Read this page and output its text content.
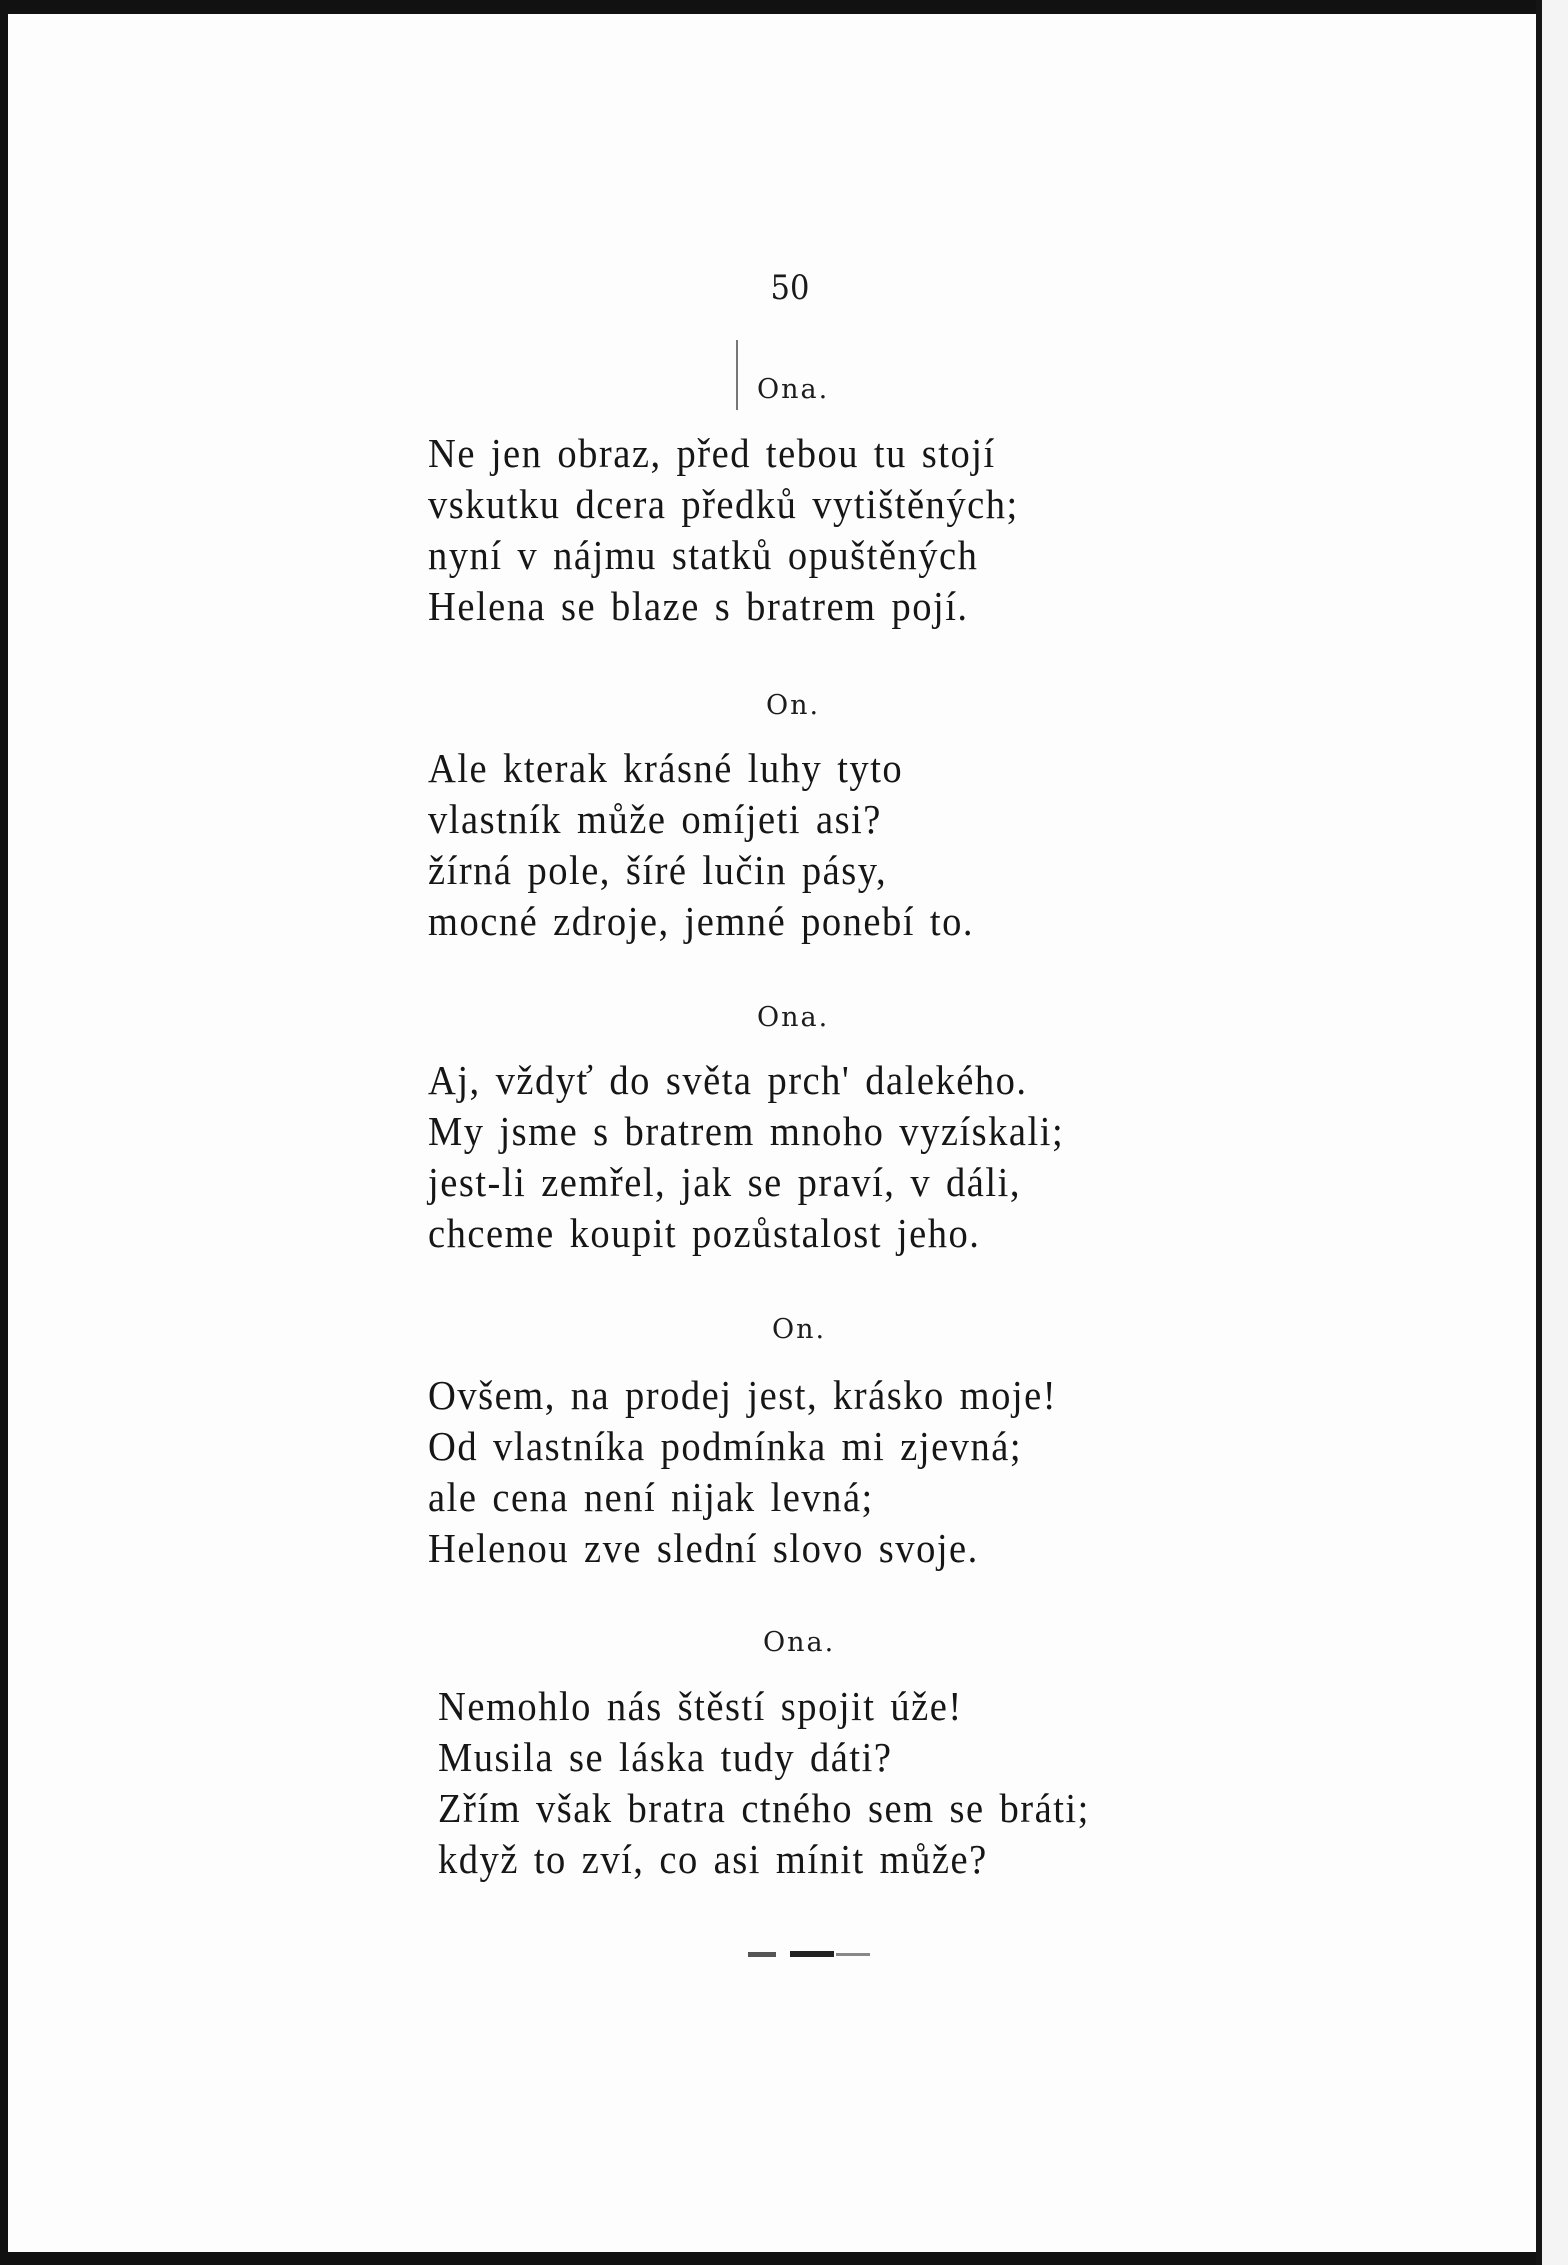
50
Ona.
Ne jen obraz, před tebou tu stojí
vskutku dcera předků vytištěných;
nyní v nájmu statků opuštěných
Helena se blaze s bratrem pojí.
On.
Ale kterak krásné luhy tyto
vlastník může omíjeti asi?
žírná pole, šíré lučin pásy,
mocné zdroje, jemné ponebí to.
Ona.
Aj, vždyť do světa prch' dalekého.
My jsme s bratrem mnoho vyzískali;
jest-li zemřel, jak se praví, v dáli,
chceme koupit pozůstalost jeho.
On.
Ovšem, na prodej jest, krásko moje!
Od vlastníka podmínka mi zjevná;
ale cena není nijak levná;
Helenou zve slední slovo svoje.
Ona.
Nemohlo nás štěstí spojit úže!
Musila se láska tudy dáti?
Zřím však bratra ctného sem se bráti;
když to zví, co asi mínit může?
